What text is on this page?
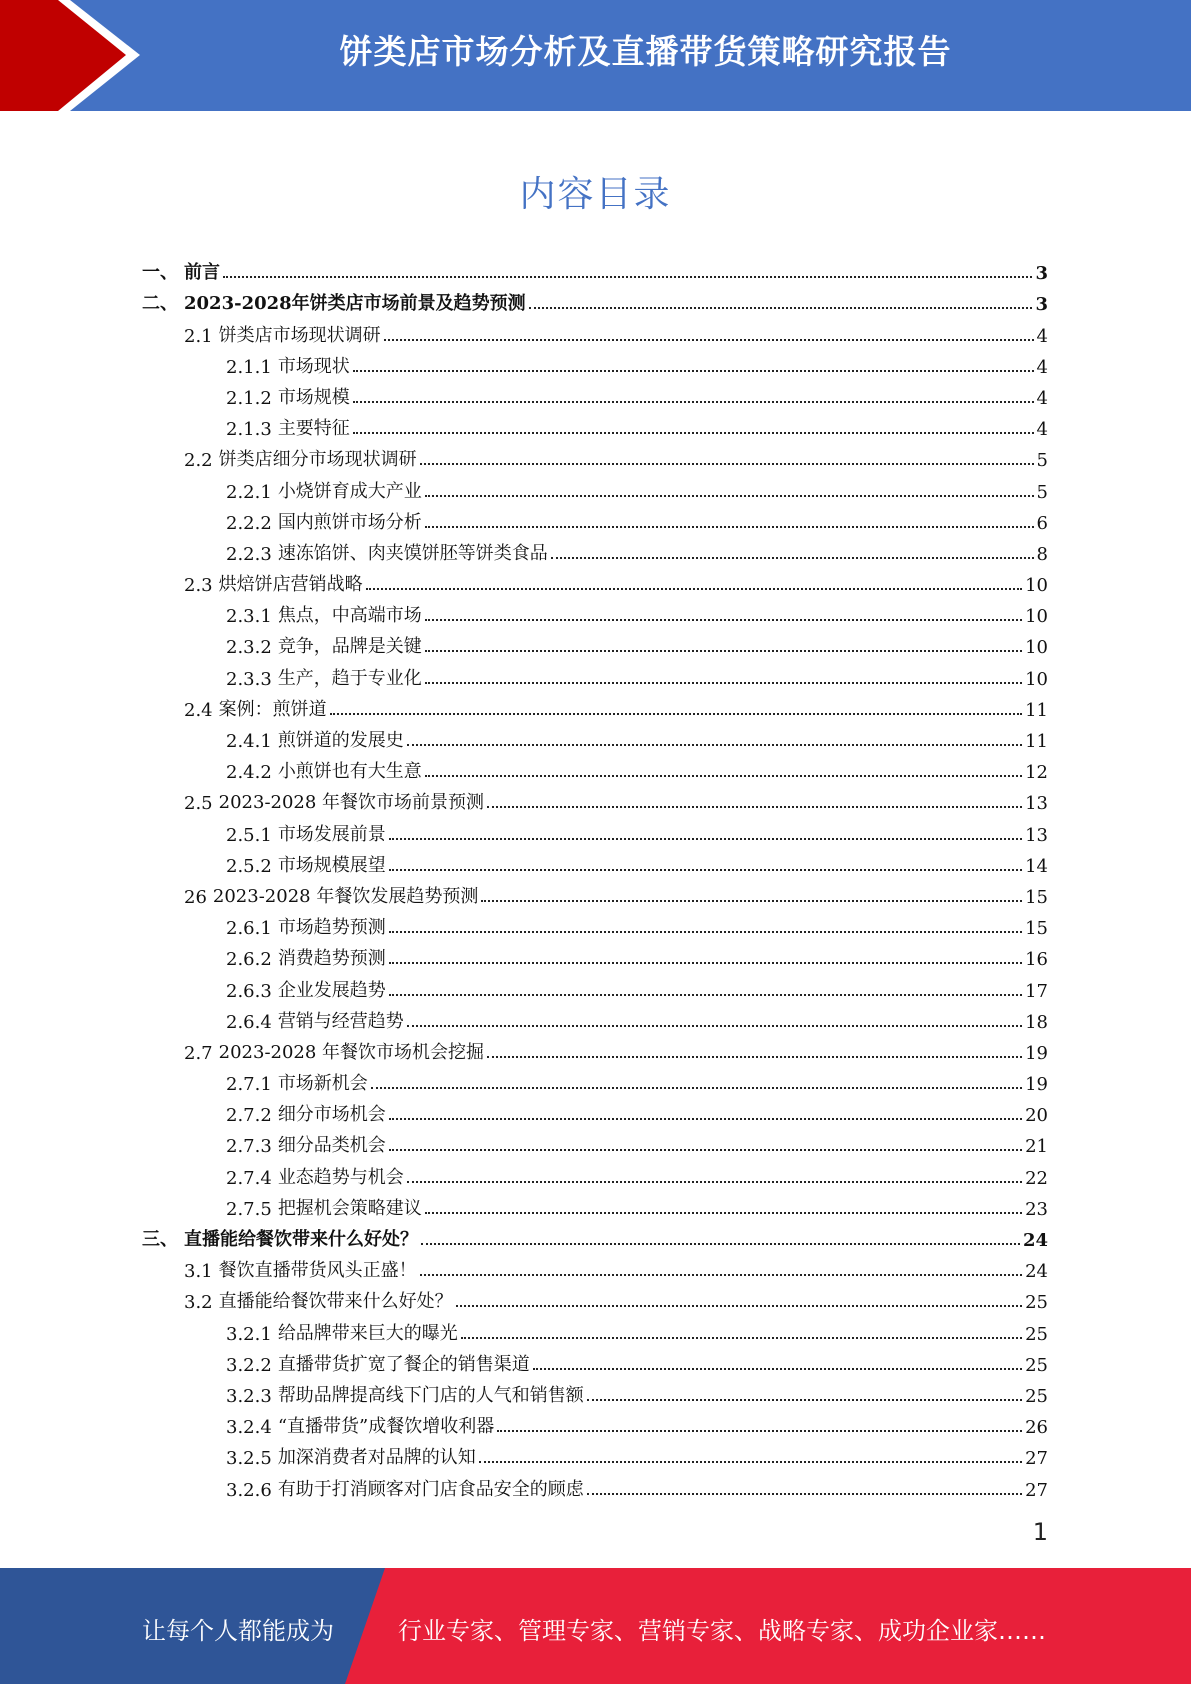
饼类店市场分析及直播带货策略研究报告
内容目录
一、 前言	3
二、 2023-2028年饼类店市场前景及趋势预测	3
2.1 饼类店市场现状调研	4
2.1.1 市场现状	4
2.1.2 市场规模	4
2.1.3 主要特征	4
2.2 饼类店细分市场现状调研	5
2.2.1 小烧饼育成大产业	5
2.2.2 国内煎饼市场分析	6
2.2.3 速冻馅饼、肉夹馍饼胚等饼类食品	8
2.3 烘焙饼店营销战略	10
2.3.1 焦点，中高端市场	10
2.3.2 竞争，品牌是关键	10
2.3.3 生产，趋于专业化	10
2.4 案例：煎饼道	11
2.4.1 煎饼道的发展史	11
2.4.2 小煎饼也有大生意	12
2.5 2023-2028 年餐饮市场前景预测	13
2.5.1 市场发展前景	13
2.5.2 市场规模展望	14
26 2023-2028 年餐饮发展趋势预测	15
2.6.1 市场趋势预测	15
2.6.2 消费趋势预测	16
2.6.3 企业发展趋势	17
2.6.4 营销与经营趋势	18
2.7 2023-2028 年餐饮市场机会挖掘	19
2.7.1 市场新机会	19
2.7.2 细分市场机会	20
2.7.3 细分品类机会	21
2.7.4 业态趋势与机会	22
2.7.5 把握机会策略建议	23
三、 直播能给餐饮带来什么好处？	24
3.1 餐饮直播带货风头正盛！	24
3.2 直播能给餐饮带来什么好处？	25
3.2.1 给品牌带来巨大的曝光	25
3.2.2 直播带货扩宽了餐企的销售渠道	25
3.2.3 帮助品牌提高线下门店的人气和销售额	25
3.2.4 “直播带货”成餐饮增收利器	26
3.2.5 加深消费者对品牌的认知	27
3.2.6 有助于打消顾客对门店食品安全的顾虑	27
1
让每个人都能成为	行业专家、管理专家、营销专家、战略专家、成功企业家……
